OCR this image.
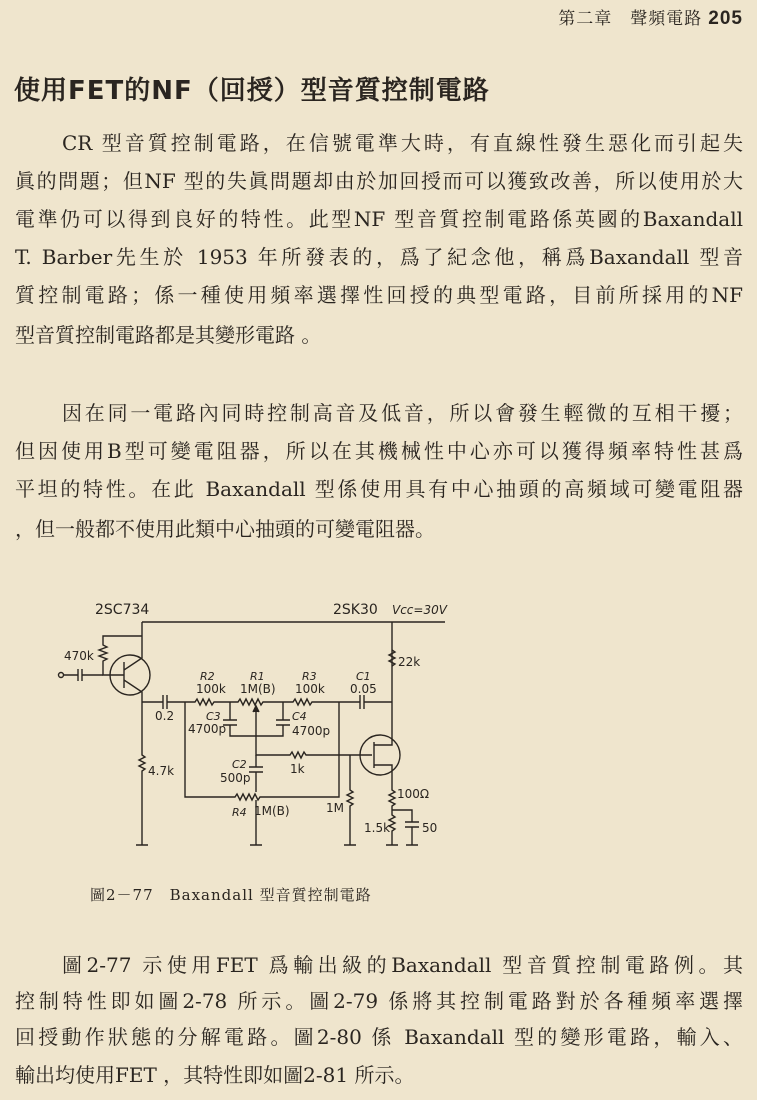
第二章　聲頻電路 205
使用FET的NF（回授）型音質控制電路
CR 型音質控制電路，在信號電準大時，有直線性發生惡化而引起失
眞的問題；但NF 型的失眞問題却由於加回授而可以獲致改善，所以使用於大
電準仍可以得到良好的特性。此型NF 型音質控制電路係英國的Baxandall
T. Barber先生於 1953 年所發表的，爲了紀念他，稱爲Baxandall 型音
質控制電路；係一種使用頻率選擇性回授的典型電路，目前所採用的NF
型音質控制電路都是其變形電路 。
因在同一電路內同時控制高音及低音，所以會發生輕微的互相干擾；
但因使用B型可變電阻器，所以在其機械性中心亦可以獲得頻率特性甚爲
平坦的特性。在此 Baxandall 型係使用具有中心抽頭的高頻域可變電阻器
，但一般都不使用此類中心抽頭的可變電阻器。
2SC734	2SK30 Vcc=30V
470k
0.2
4.7k
R2
100k
R1
1M(B)
R3
100k
C1
0.05
C3
4700p
C4
4700p
1k
C2
500p
R4 1M(B)	1M
22k
100Ω
1.5k	50
圖2－77　Baxandall 型音質控制電路
圖2-77 示使用FET 爲輸出級的Baxandall 型音質控制電路例。其
控制特性即如圖2-78 所示。圖2-79 係將其控制電路對於各種頻率選擇
回授動作狀態的分解電路。圖2-80 係 Baxandall 型的變形電路，輸入、
輸出均使用FET ，其特性即如圖2-81 所示。
